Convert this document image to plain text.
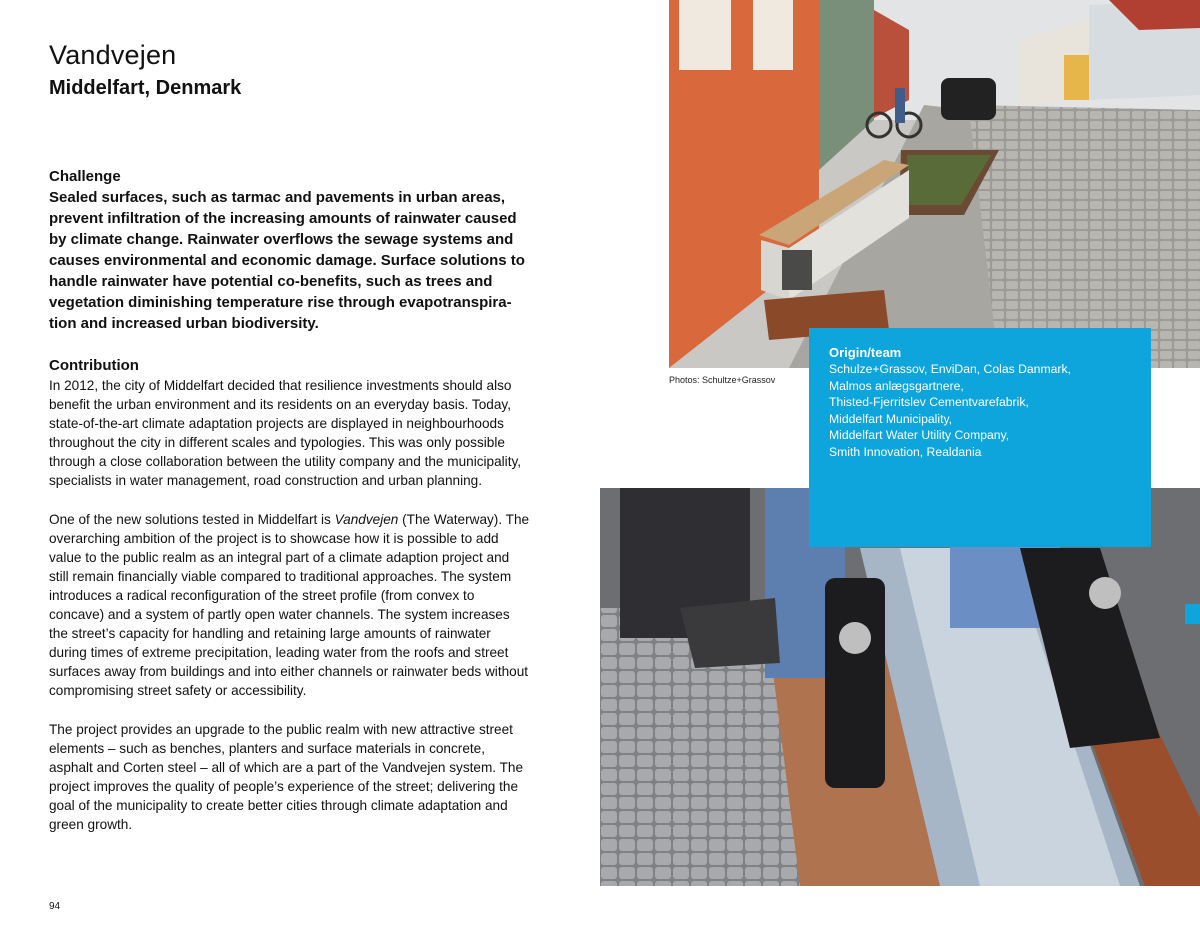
Vandvejen
Middelfart, Denmark
Challenge

Sealed surfaces, such as tarmac and pavements in urban areas, prevent infiltration of the increasing amounts of rainwater caused by climate change. Rainwater overflows the sewage systems and causes environmental and economic damage. Surface solutions to handle rainwater have potential co-benefits, such as trees and vegetation diminishing temperature rise through evapotranspiration and increased urban biodiversity.

Contribution

In 2012, the city of Middelfart decided that resilience investments should also benefit the urban environment and its residents on an everyday basis. Today, state-of-the-art climate adaptation projects are displayed in neighbourhoods throughout the city in different scales and typologies. This was only possible through a close collaboration between the utility company and the municipality, specialists in water management, road construction and urban planning.

One of the new solutions tested in Middelfart is Vandvejen (The Waterway). The overarching ambition of the project is to showcase how it is possible to add value to the public realm as an integral part of a climate adaption project and still remain financially viable compared to traditional approaches. The system introduces a radical reconfiguration of the street profile (from convex to concave) and a system of partly open water channels. The system increases the street’s capacity for handling and retaining large amounts of rainwater during times of extreme precipitation, leading water from the roofs and street surfaces away from buildings and into either channels or rainwater beds without compromising street safety or accessibility.

The project provides an upgrade to the public realm with new attractive street elements – such as benches, planters and surface materials in concrete, asphalt and Corten steel – all of which are a part of the Vandvejen system. The project improves the quality of people’s experience of the street; delivering the goal of the municipality to create better cities through climate adaptation and green growth.

94
Photos: Schultze+Grassov
Origin/team
Schulze+Grassov, EnviDan, Colas Danmark,
Malmos anlægsgartnere,
Thisted-Fjerritslev Cementvarefabrik,
Middelfart Municipality,
Middelfart Water Utility Company,
Smith Innovation, Realdania
